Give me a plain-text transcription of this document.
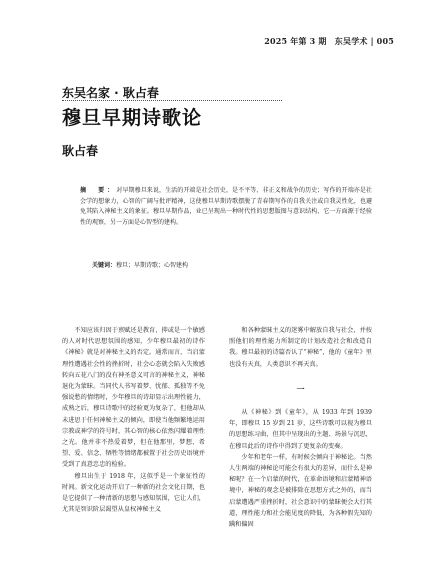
2025 年第 3 期　东吴学术 | 005
东吴名家 · 耿占春
穆旦早期诗歌论
耿占春
摘　要：对早期穆旦来说，生活的开端是社会历史，是不平等、非正义和战争的历史；写作的开端亦是社会学的想象力，心智的广阔与批评精神，这使穆旦早期诗歌摆脱了青春期写作的自我关注或自我灵性化，也避免其陷入神秘主义的象征。穆旦早期作品，业已呈现出一种时代性的思想版图与意识结构，它一方面源于经验性的观察，另一方面是心智型的建构。
关键词：穆旦；早期诗歌；心智建构

不知应该归因于禀赋还是教育，抑或是一个敏感的人对时代思想氛围的感知，少年穆旦最初的诗作《神秘》就是对神秘主义的否定。通常而言，当启蒙理性遭遇社会性的挫折时，社会心态就会陷入失败感转向五花八门的没有神圣意义可言的神秘主义，神秘退化为蒙昧。当同代人书写着梦、忧郁、孤独等不免强说愁的情绪时，少年穆旦的诗却显示出理性能力，成熟之后，穆旦诗歌中的经验更为复杂了，但他却从未进思于任何神秘主义的倾向，即使当他频繁地运用宗教或神学的符号时，其心智的核心依然闪耀着理性之光。他并非不热爱着梦，但在他那里，梦想、希望、爱、信念、牺牲等情绪都被置于社会历史语境并受到了真意忠忠的检验。

穆旦出生于 1918 年，这似乎是一个象征性的时间。新文化运动开启了一种新的社会文化日期，也是它提供了一种清新的思想与感知氛围，它让人们，尤其是智识阶层渴望从皇权神秘主义

和各种蒙昧主义的迷雾中解放自我与社会，并按照他们的理性能力所制定的计划改造社会和改造自我。穆旦最初的诗篇否认了“神秘”，他的《童年》里也没有天真，人类意识不再天真。

一

从《神秘》到《童年》，从 1933 年到 1939 年，即穆旦 15 岁到 21 岁，这些诗歌可以视为穆旦的思想练习曲，但其中呈现出的主题、场景与沉思，在穆旦此后的诗作中得到了更复杂的变奏。

少年和老年一样，有时候会倾向于神秘论。当然人生两端的神秘论可能会有很大的差异，而什么是神秘呢？在一个启蒙的时代，在革命语境和启蒙精神语境中，神秘的观念是被排除在思想方式之外的，而当启蒙遭遇严重挫折时，社会意识中的蒙昧便会大行其道，理性能力和社会能见度的降低，为各种假先知的蹒和偏固
